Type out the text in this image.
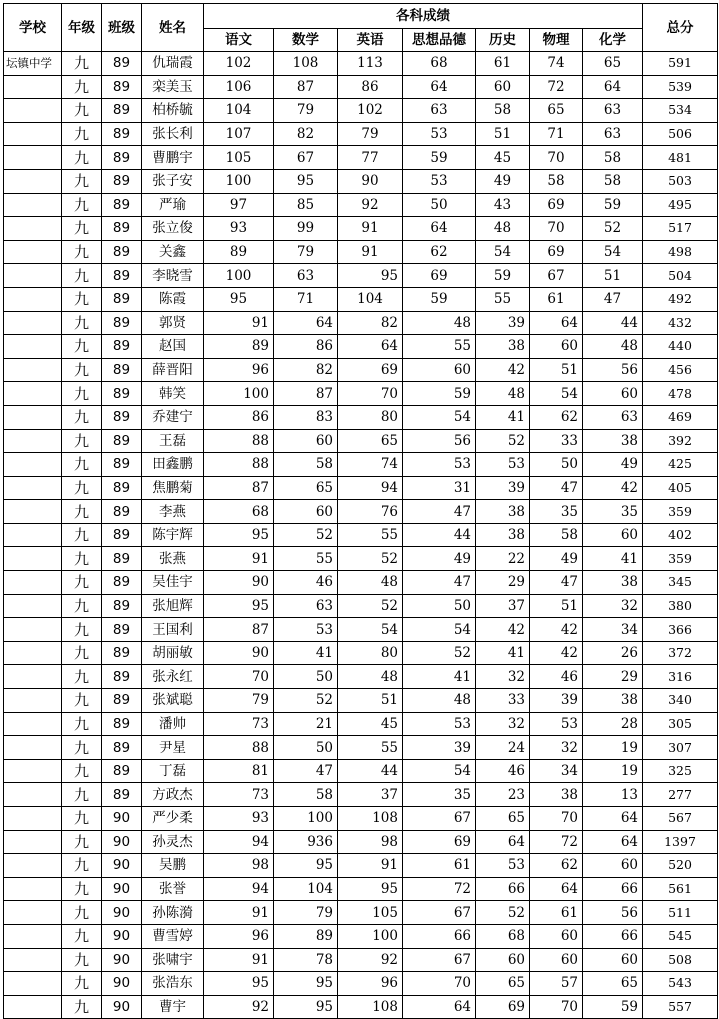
学校	年级	班级	姓名	各科成绩							总分
				语文	数学	英语	思想品德	历史	物理	化学	
坛镇中学	九	89	仇瑞霞	102	108	113	68	61	74	65	591
	九	89	栾美玉	106	87	86	64	60	72	64	539
	九	89	柏桥毓	104	79	102	63	58	65	63	534
	九	89	张长利	107	82	79	53	51	71	63	506
	九	89	曹鹏宇	105	67	77	59	45	70	58	481
	九	89	张子安	100	95	90	53	49	58	58	503
	九	89	严瑜	97	85	92	50	43	69	59	495
	九	89	张立俊	93	99	91	64	48	70	52	517
	九	89	关鑫	89	79	91	62	54	69	54	498
	九	89	李晓雪	100	63	95	69	59	67	51	504
	九	89	陈霞	95	71	104	59	55	61	47	492
	九	89	郭贤	91	64	82	48	39	64	44	432
	九	89	赵国	89	86	64	55	38	60	48	440
	九	89	薛晋阳	96	82	69	60	42	51	56	456
	九	89	韩笑	100	87	70	59	48	54	60	478
	九	89	乔建宁	86	83	80	54	41	62	63	469
	九	89	王磊	88	60	65	56	52	33	38	392
	九	89	田鑫鹏	88	58	74	53	53	50	49	425
	九	89	焦鹏菊	87	65	94	31	39	47	42	405
	九	89	李燕	68	60	76	47	38	35	35	359
	九	89	陈宇辉	95	52	55	44	38	58	60	402
	九	89	张燕	91	55	52	49	22	49	41	359
	九	89	吴佳宇	90	46	48	47	29	47	38	345
	九	89	张旭辉	95	63	52	50	37	51	32	380
	九	89	王国利	87	53	54	54	42	42	34	366
	九	89	胡丽敏	90	41	80	52	41	42	26	372
	九	89	张永红	70	50	48	41	32	46	29	316
	九	89	张斌聪	79	52	51	48	33	39	38	340
	九	89	潘帅	73	21	45	53	32	53	28	305
	九	89	尹星	88	50	55	39	24	32	19	307
	九	89	丁磊	81	47	44	54	46	34	19	325
	九	89	方政杰	73	58	37	35	23	38	13	277
	九	90	严少柔	93	100	108	67	65	70	64	567
	九	90	孙灵杰	94	936	98	69	64	72	64	1397
	九	90	吴鹏	98	95	91	61	53	62	60	520
	九	90	张誉	94	104	95	72	66	64	66	561
	九	90	孙陈漪	91	79	105	67	52	61	56	511
	九	90	曹雪婷	96	89	100	66	68	60	66	545
	九	90	张啸宇	91	78	92	67	60	60	60	508
	九	90	张浩东	95	95	96	70	65	57	65	543
	九	90	曹宇	92	95	108	64	69	70	59	557
